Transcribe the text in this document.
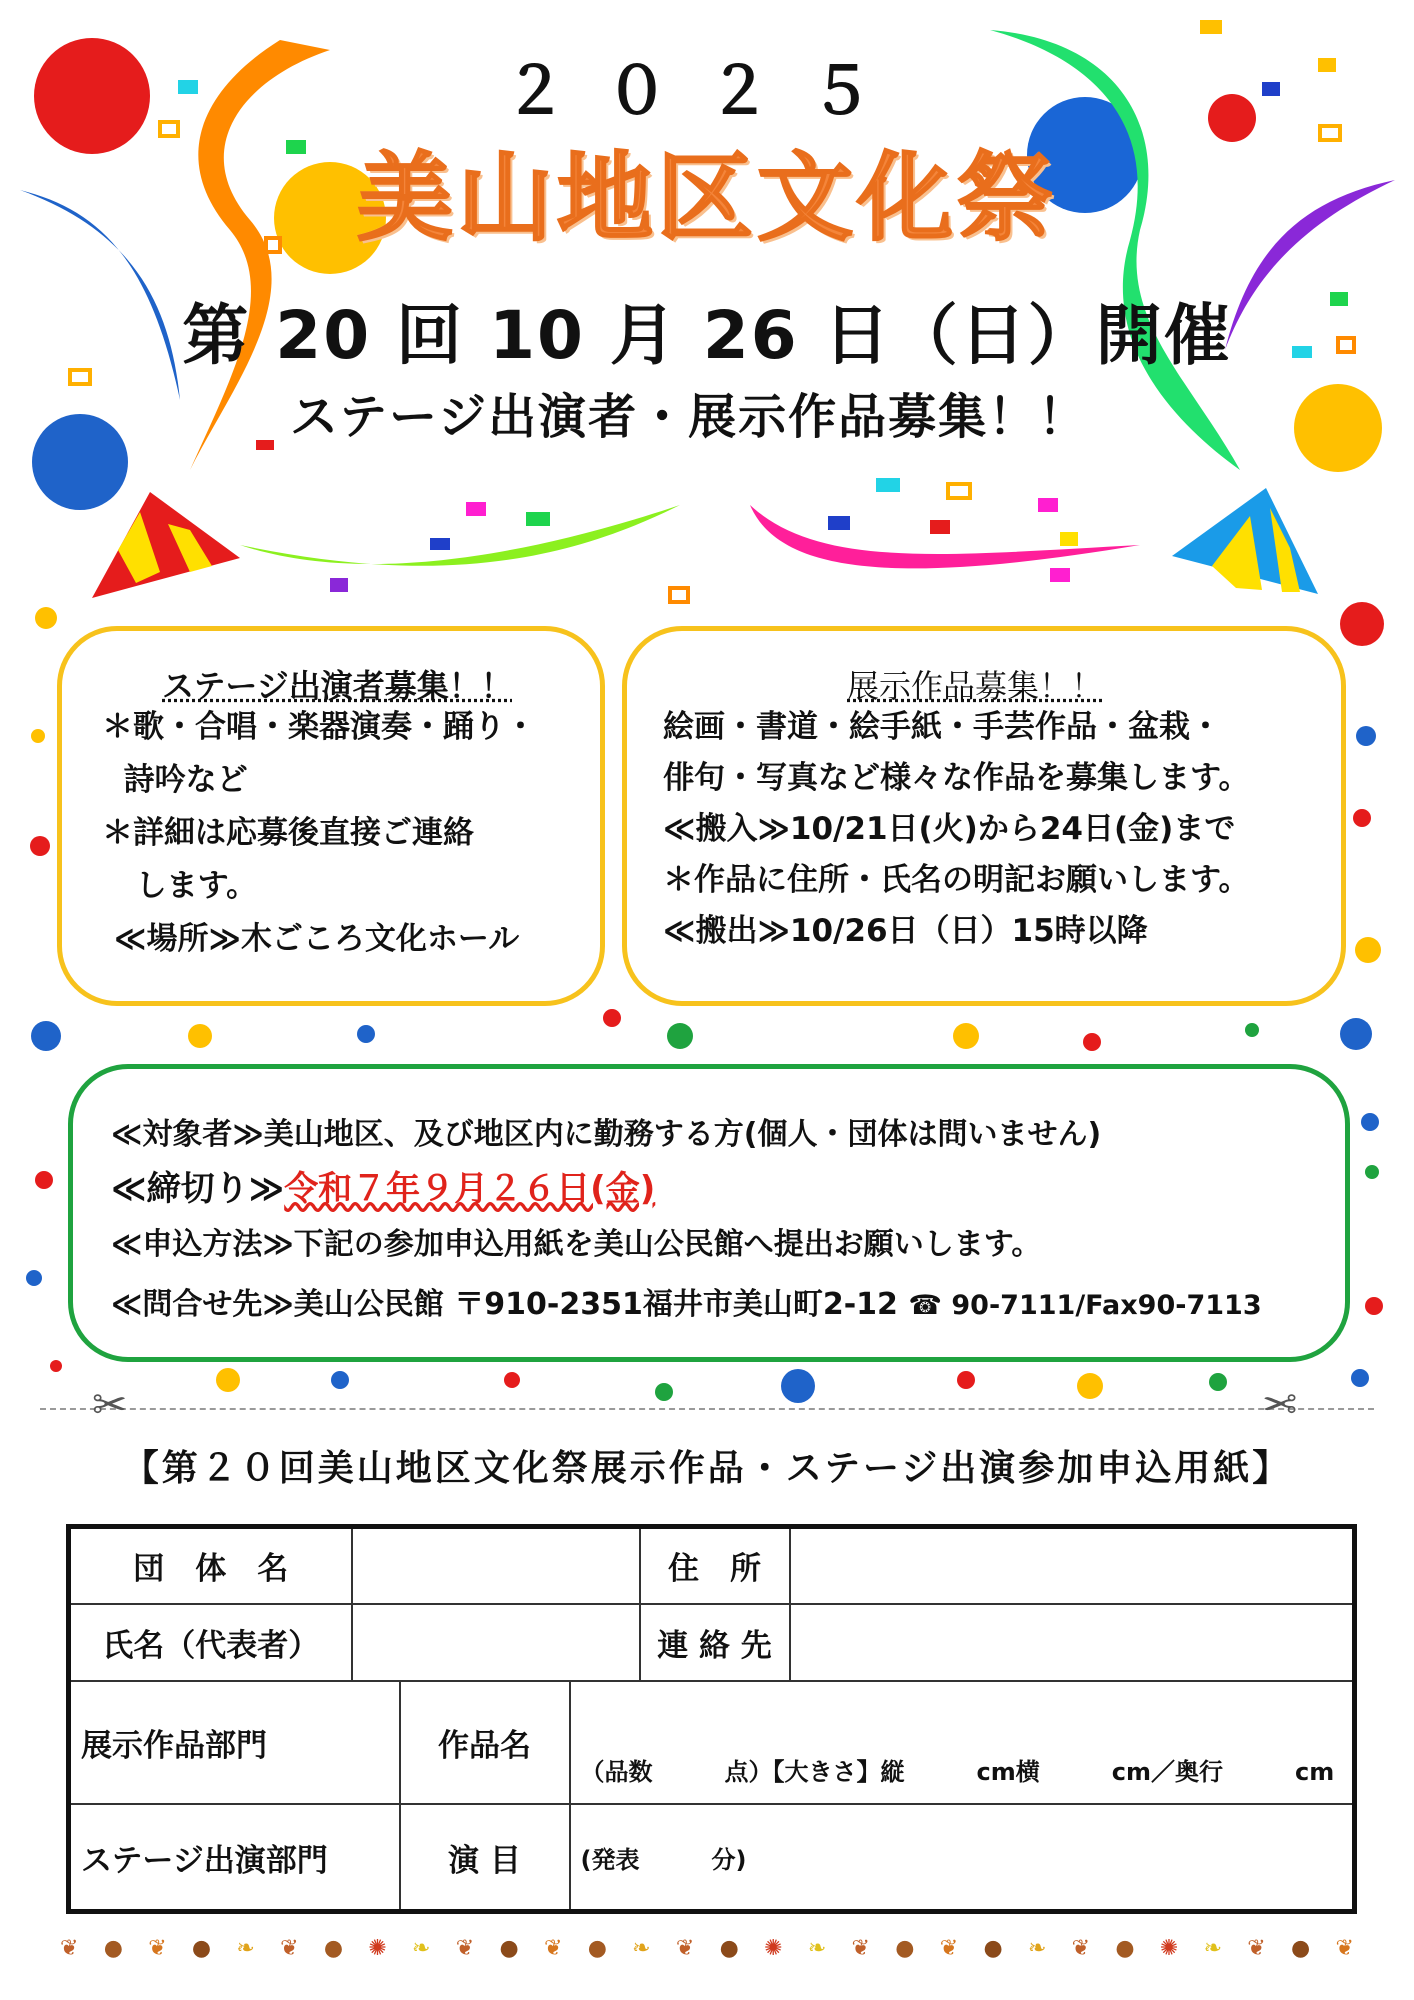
２０２５
美山地区文化祭
第 20 回 10 月 26 日（日）開催
ステージ出演者・展示作品募集！！
ステージ出演者募集！！
＊歌・合唱・楽器演奏・踊り・
詩吟など
＊詳細は応募後直接ご連絡
します。
≪場所≫木ごころ文化ホール
展示作品募集！！
絵画・書道・絵手紙・手芸作品・盆栽・
俳句・写真など様々な作品を募集します。
≪搬入≫10/21日(火)から24日(金)まで
＊作品に住所・氏名の明記お願いします。
≪搬出≫10/26日（日）15時以降
≪対象者≫美山地区、及び地区内に勤務する方(個人・団体は問いません)
≪締切り≫令和７年９月２６日(金)
≪申込方法≫下記の参加申込用紙を美山公民館へ提出お願いします。
≪問合せ先≫美山公民館 〒910-2351福井市美山町2-12 ☎ 90-7111/Fax90-7113
✂	✂
【第２０回美山地区文化祭展示作品・ステージ出演参加申込用紙】
団　体　名				住　所	
氏名（代表者）				連 絡 先	
展示作品部門		作品名	（品数　　　点）【大きさ】縦　　　cm横　　　cm／奥行　　　cm		
ステージ出演部門		演 目	(発表　　　分)		
❦ ● ❦ ● ❧ ❦ ● ✺ ❧ ❦ ● ❦ ● ❧ ❦ ● ✺ ❧ ❦ ● ❦ ● ❧ ❦ ● ✺ ❧ ❦ ● ❦
